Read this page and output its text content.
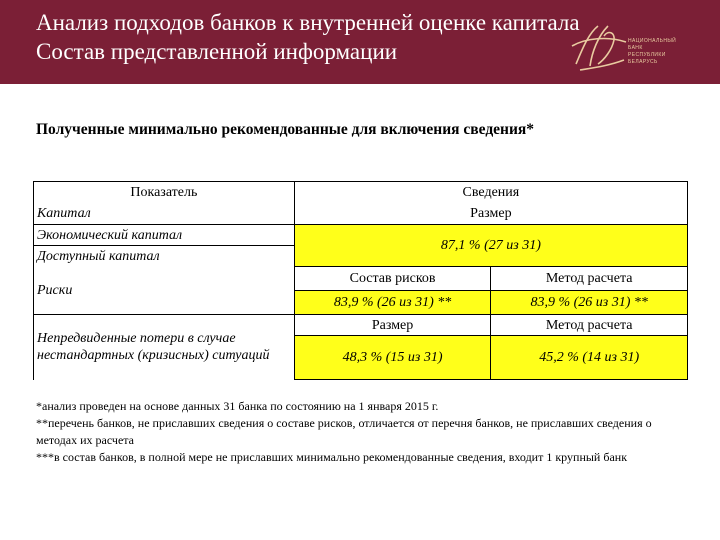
Анализ подходов банков к внутренней оценке капитала
Состав представленной информации	НАЦИОНАЛЬНЫЙ
БАНК
РЕСПУБЛИКИ
БЕЛАРУСЬ
Полученные минимально рекомендованные для включения сведения*
Показатель	Сведения	
Капитал	Размер	
Экономический капитал	87,1 % (27 из 31)	
Доступный капитал		
Риски	Состав рисков	Метод расчета
	83,9 % (26 из 31) **	83,9 % (26 из 31) **
Непредвиденные потери в случае нестандартных (кризисных) ситуаций	Размер	Метод расчета
	48,3 % (15 из 31)	45,2 % (14 из 31)
*анализ проведен на основе данных 31 банка по состоянию на 1 января 2015 г.
**перечень банков, не приславших сведения о составе рисков, отличается от перечня банков, не приславших сведения о методах их расчета
***в состав банков, в полной мере не приславших минимально рекомендованные сведения, входит 1 крупный банк
